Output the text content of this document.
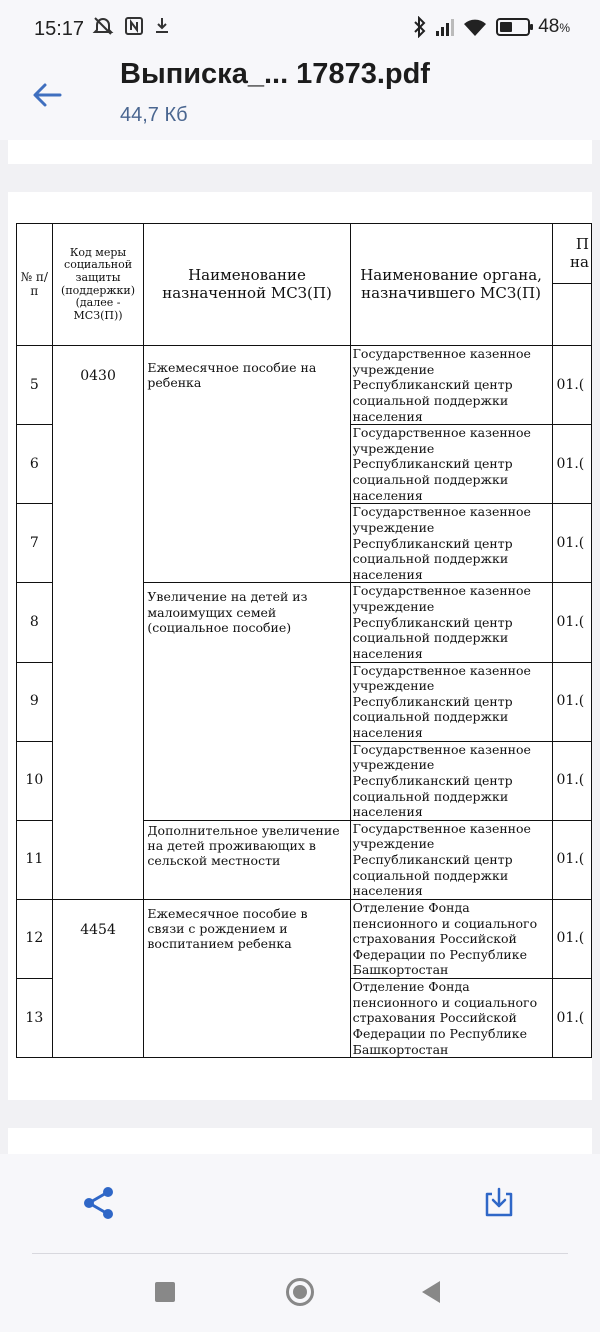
15:17
	48%
Выписка_... 17873.pdf
44,7 Кб
№ п/п	Код меры социальной защиты (поддержки) (далее - МСЗ(П))	Наименование назначенной МСЗ(П)	Наименование органа, назначившего МСЗ(П)	П
на

5	0430	Ежемесячное пособие на ребенка	Государственное казенное учреждение Республиканский центр социальной поддержки населения	01.(
6			Государственное казенное учреждение Республиканский центр социальной поддержки населения	01.(
7			Государственное казенное учреждение Республиканский центр социальной поддержки населения	01.(
8		Увеличение на детей из малоимущих семей (социальное пособие)	Государственное казенное учреждение Республиканский центр социальной поддержки населения	01.(
9			Государственное казенное учреждение Республиканский центр социальной поддержки населения	01.(
10			Государственное казенное учреждение Республиканский центр социальной поддержки населения	01.(
11		Дополнительное увеличение на детей проживающих в сельской местности	Государственное казенное учреждение Республиканский центр социальной поддержки населения	01.(
12	4454	Ежемесячное пособие в связи с рождением и воспитанием ребенка	Отделение Фонда пенсионного и социального страхования Российской Федерации по Республике Башкортостан	01.(
13			Отделение Фонда пенсионного и социального страхования Российской Федерации по Республике Башкортостан	01.(
